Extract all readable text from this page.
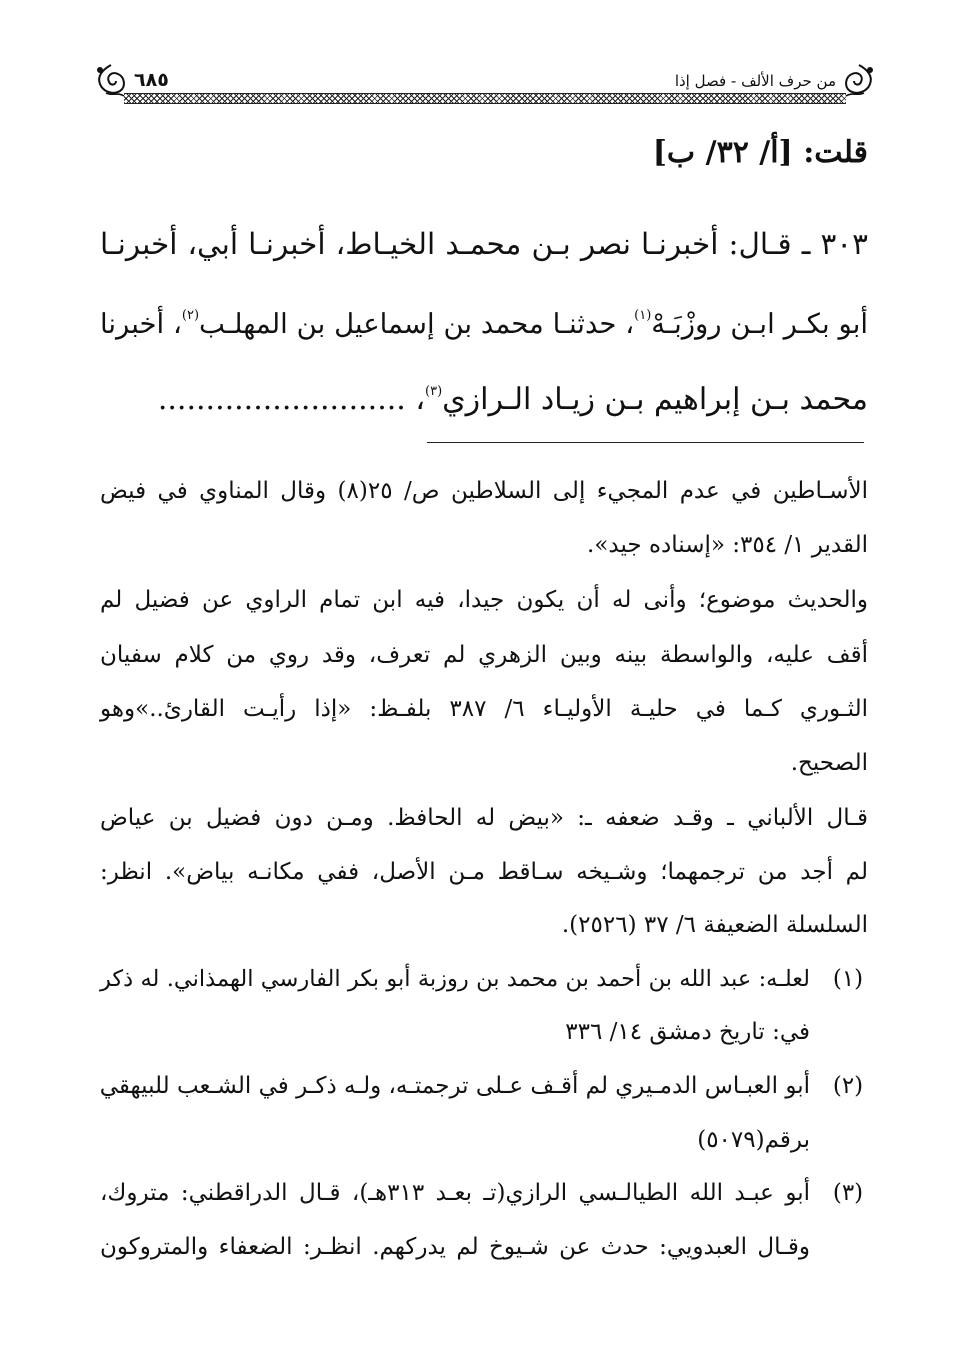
من حرف الألف - فصل إذا
٦٨٥
قلت: [أ/ ٣٢/ ب]
٣٠٣ ـ قـال: أخبرنـا نصر بـن محمـد الخيـاط، أخبرنـا أبي، أخبرنـا
أبو بكـر ابـن روزْبَـهْ$^{(١)}$، حدثنـا محمد بن إسماعيل بن المهلـب$^{(٢)}$، أخبرنا
محمد بـن إبراهيم بـن زيـاد الـرازي$^{(٣)}$، ..........................
الأسـاطين في عدم المجيء إلى السلاطين ص/ ٢٥(٨) وقال المناوي في فيض
القدير ١/ ٣٥٤: «إسناده جيد».
والحديث موضوع؛ وأنى له أن يكون جيدا، فيه ابن تمام الراوي عن فضيل لم
أقف عليه، والواسطة بينه وبين الزهري لم تعرف، وقد روي من كلام سفيان
الثـوري كـما في حليـة الأوليـاء ٦/ ٣٨٧ بلفـظ: «إذا رأيـت القارئ..»وهو
الصحيح.
قـال الألباني ـ وقـد ضعفه ـ: «بيض له الحافظ. ومـن دون فضيل بن عياض
لم أجد من ترجمهما؛ وشـيخه سـاقط مـن الأصل، ففي مكانـه بياض». انظر:
السلسلة الضعيفة ٦/ ٣٧ (٢٥٢٦).
(١)
لعلـه: عبد الله بن أحمد بن محمد بن روزبة أبو بكر الفارسي الهمذاني. له ذكر
في: تاريخ دمشق ١٤/ ٣٣٦
(٢)
أبو العبـاس الدمـيري لم أقـف عـلى ترجمتـه، ولـه ذكـر في الشـعب للبيهقي
برقم(٥٠٧٩)
(٣)
أبو عبـد الله الطيالـسي الرازي(تـ بعـد ٣١٣هـ)، قـال الدراقطني: متروك،
وقـال العبدويي: حدث عن شـيوخ لم يدركهم. انظـر: الضعفاء والمتروكون
